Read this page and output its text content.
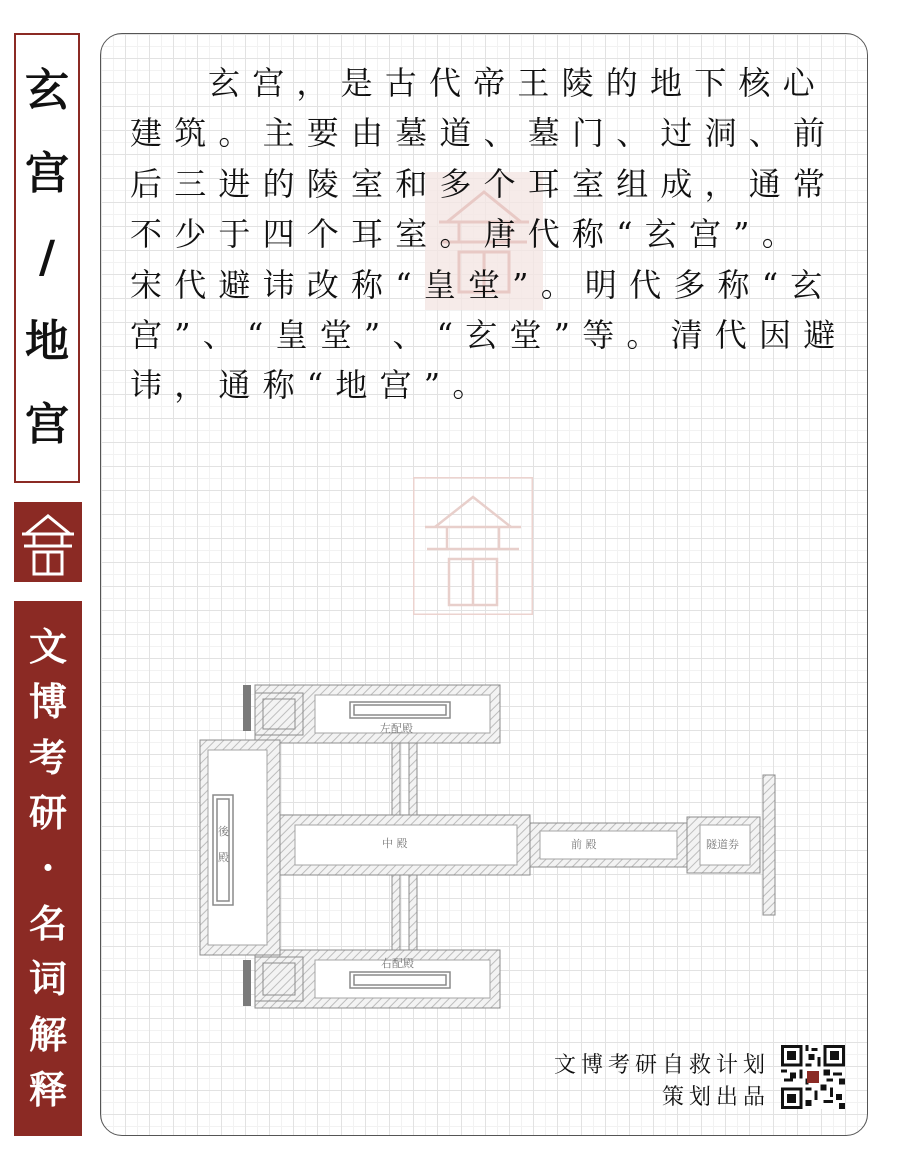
玄
宫
/
地
宫
文
博
考
研
·
名
词
解
释

玄宫，是古代帝王陵的地下核心建筑。主要由墓道、墓门、过洞、前后三进的陵室和多个耳室组成，通常不少于四个耳室。唐代称“玄宫”。宋代避讳改称“皇堂”。明代多称“玄宫”、“皇堂”、“玄堂”等。清代因避讳，通称“地宫”。

左配殿
右配殿
後
殿
中 殿	前 殿	隧道券
文博考研自救计划
策划出品
